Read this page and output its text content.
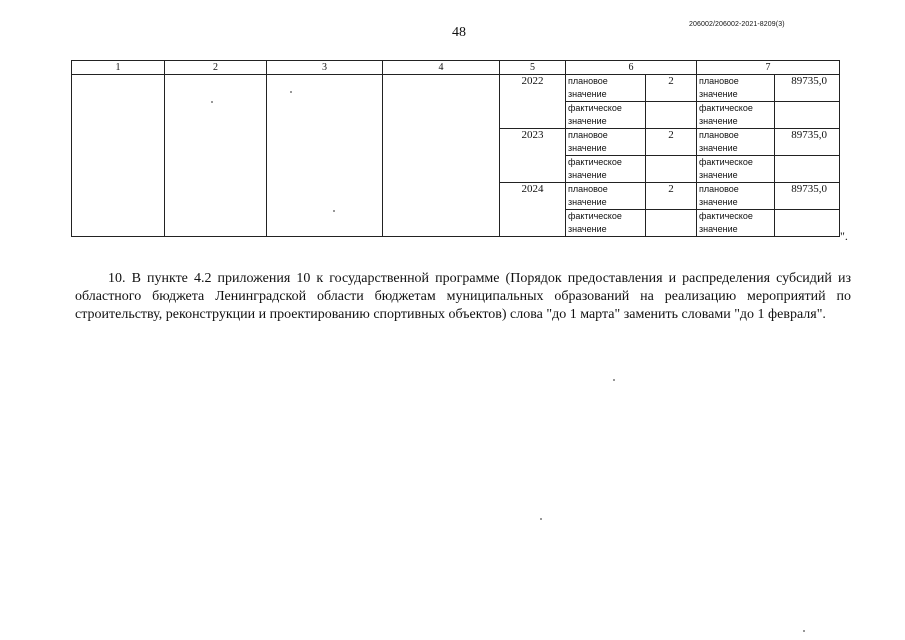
48
206002/206002-2021-8209(3)
1	2	3	4	5	6		7	
				2022	плановое значение	2	плановое значение	89735,0
					фактическое значение		фактическое значение	
				2023	плановое значение	2	плановое значение	89735,0
					фактическое значение		фактическое значение	
				2024	плановое значение	2	плановое значение	89735,0
					фактическое значение		фактическое значение		".
10. В пункте 4.2 приложения 10 к государственной программе (Порядок предоставления и распределения субсидий из областного бюджета Ленинградской области бюджетам муниципальных образований на реализацию мероприятий по строительству, реконструкции и проектированию спортивных объектов) слова "до 1 марта" заменить словами "до 1 февраля".
